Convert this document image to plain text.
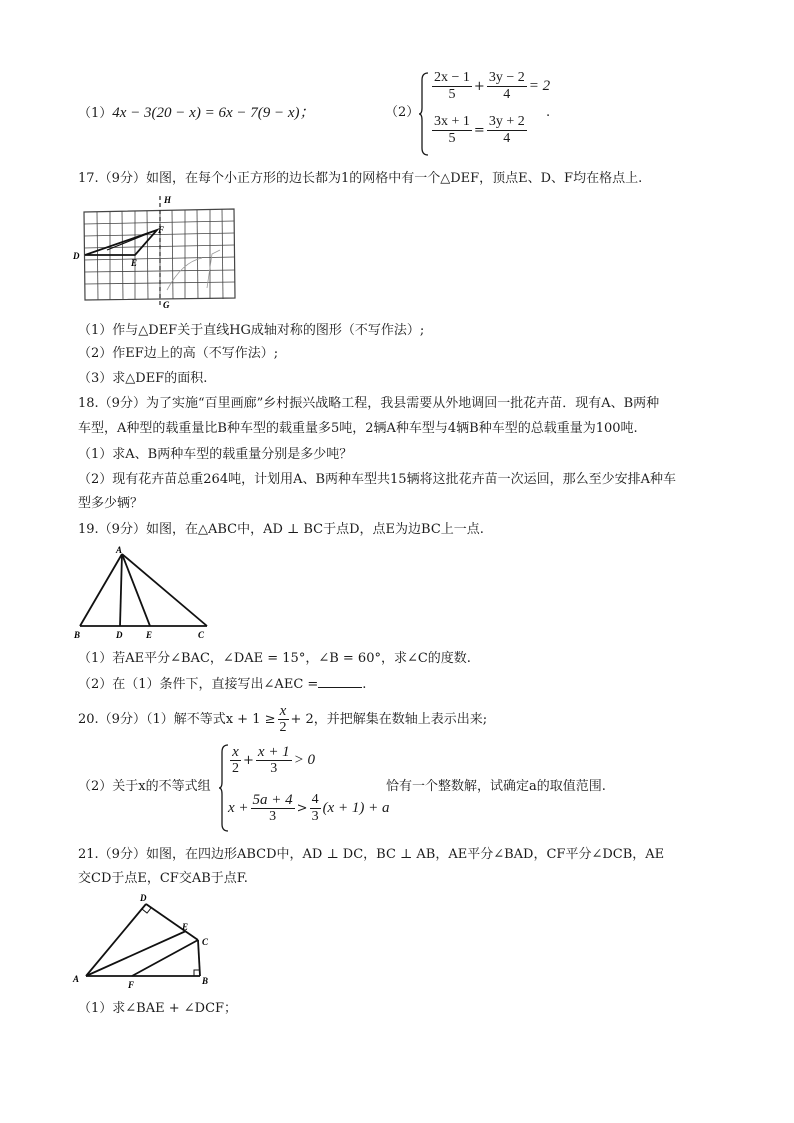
（1）4x − 3(20 − x) = 6x − 7(9 − x)；	（2）
$\frac{2x - 1}{5} + \frac{3y - 2}{4} = 2$
$\frac{3x + 1}{5} = \frac{3y + 2}{4}$
.
17.（9分）如图，在每个小正方形的边长都为1的网格中有一个△DEF，顶点E、D、F均在格点上.
H
G
D
E
F
（1）作与△DEF关于直线HG成轴对称的图形（不写作法）;
（2）作EF边上的高（不写作法）;
（3）求△DEF的面积.
18.（9分）为了实施“百里画廊”乡村振兴战略工程，我县需要从外地调回一批花卉苗．现有A、B两种
车型，A种型的载重量比B种车型的载重量多5吨，2辆A种车型与4辆B种车型的总载重量为100吨.
（1）求A、B两种车型的载重量分别是多少吨？
（2）现有花卉苗总重264吨，计划用A、B两种车型共15辆将这批花卉苗一次运回，那么至少安排A种车
型多少辆？
19.（9分）如图，在△ABC中，AD ⊥ BC于点D，点E为边BC上一点.
A
B	D	E	C
（1）若AE平分∠BAC，∠DAE = 15°，∠B = 60°，求∠C的度数.
（2）在（1）条件下，直接写出∠AEC =	.
20.（9分）（1）解不等式$x + 1 \ge \frac{x}{2} + 2$，并把解集在数轴上表示出来;
（2）关于x的不等式组
$\frac{x}{2} + \frac{x + 1}{3} > 0$
$x + \frac{5a + 4}{3} > \frac{4}{3} (x + 1) + a$
恰有一个整数解，试确定a的取值范围.
21.（9分）如图，在四边形ABCD中，AD ⊥ DC，BC ⊥ AB，AE平分∠BAD，CF平分∠DCB，AE
交CD于点E，CF交AB于点F.
D
E
C
A
F	B
（1）求∠BAE + ∠DCF；
